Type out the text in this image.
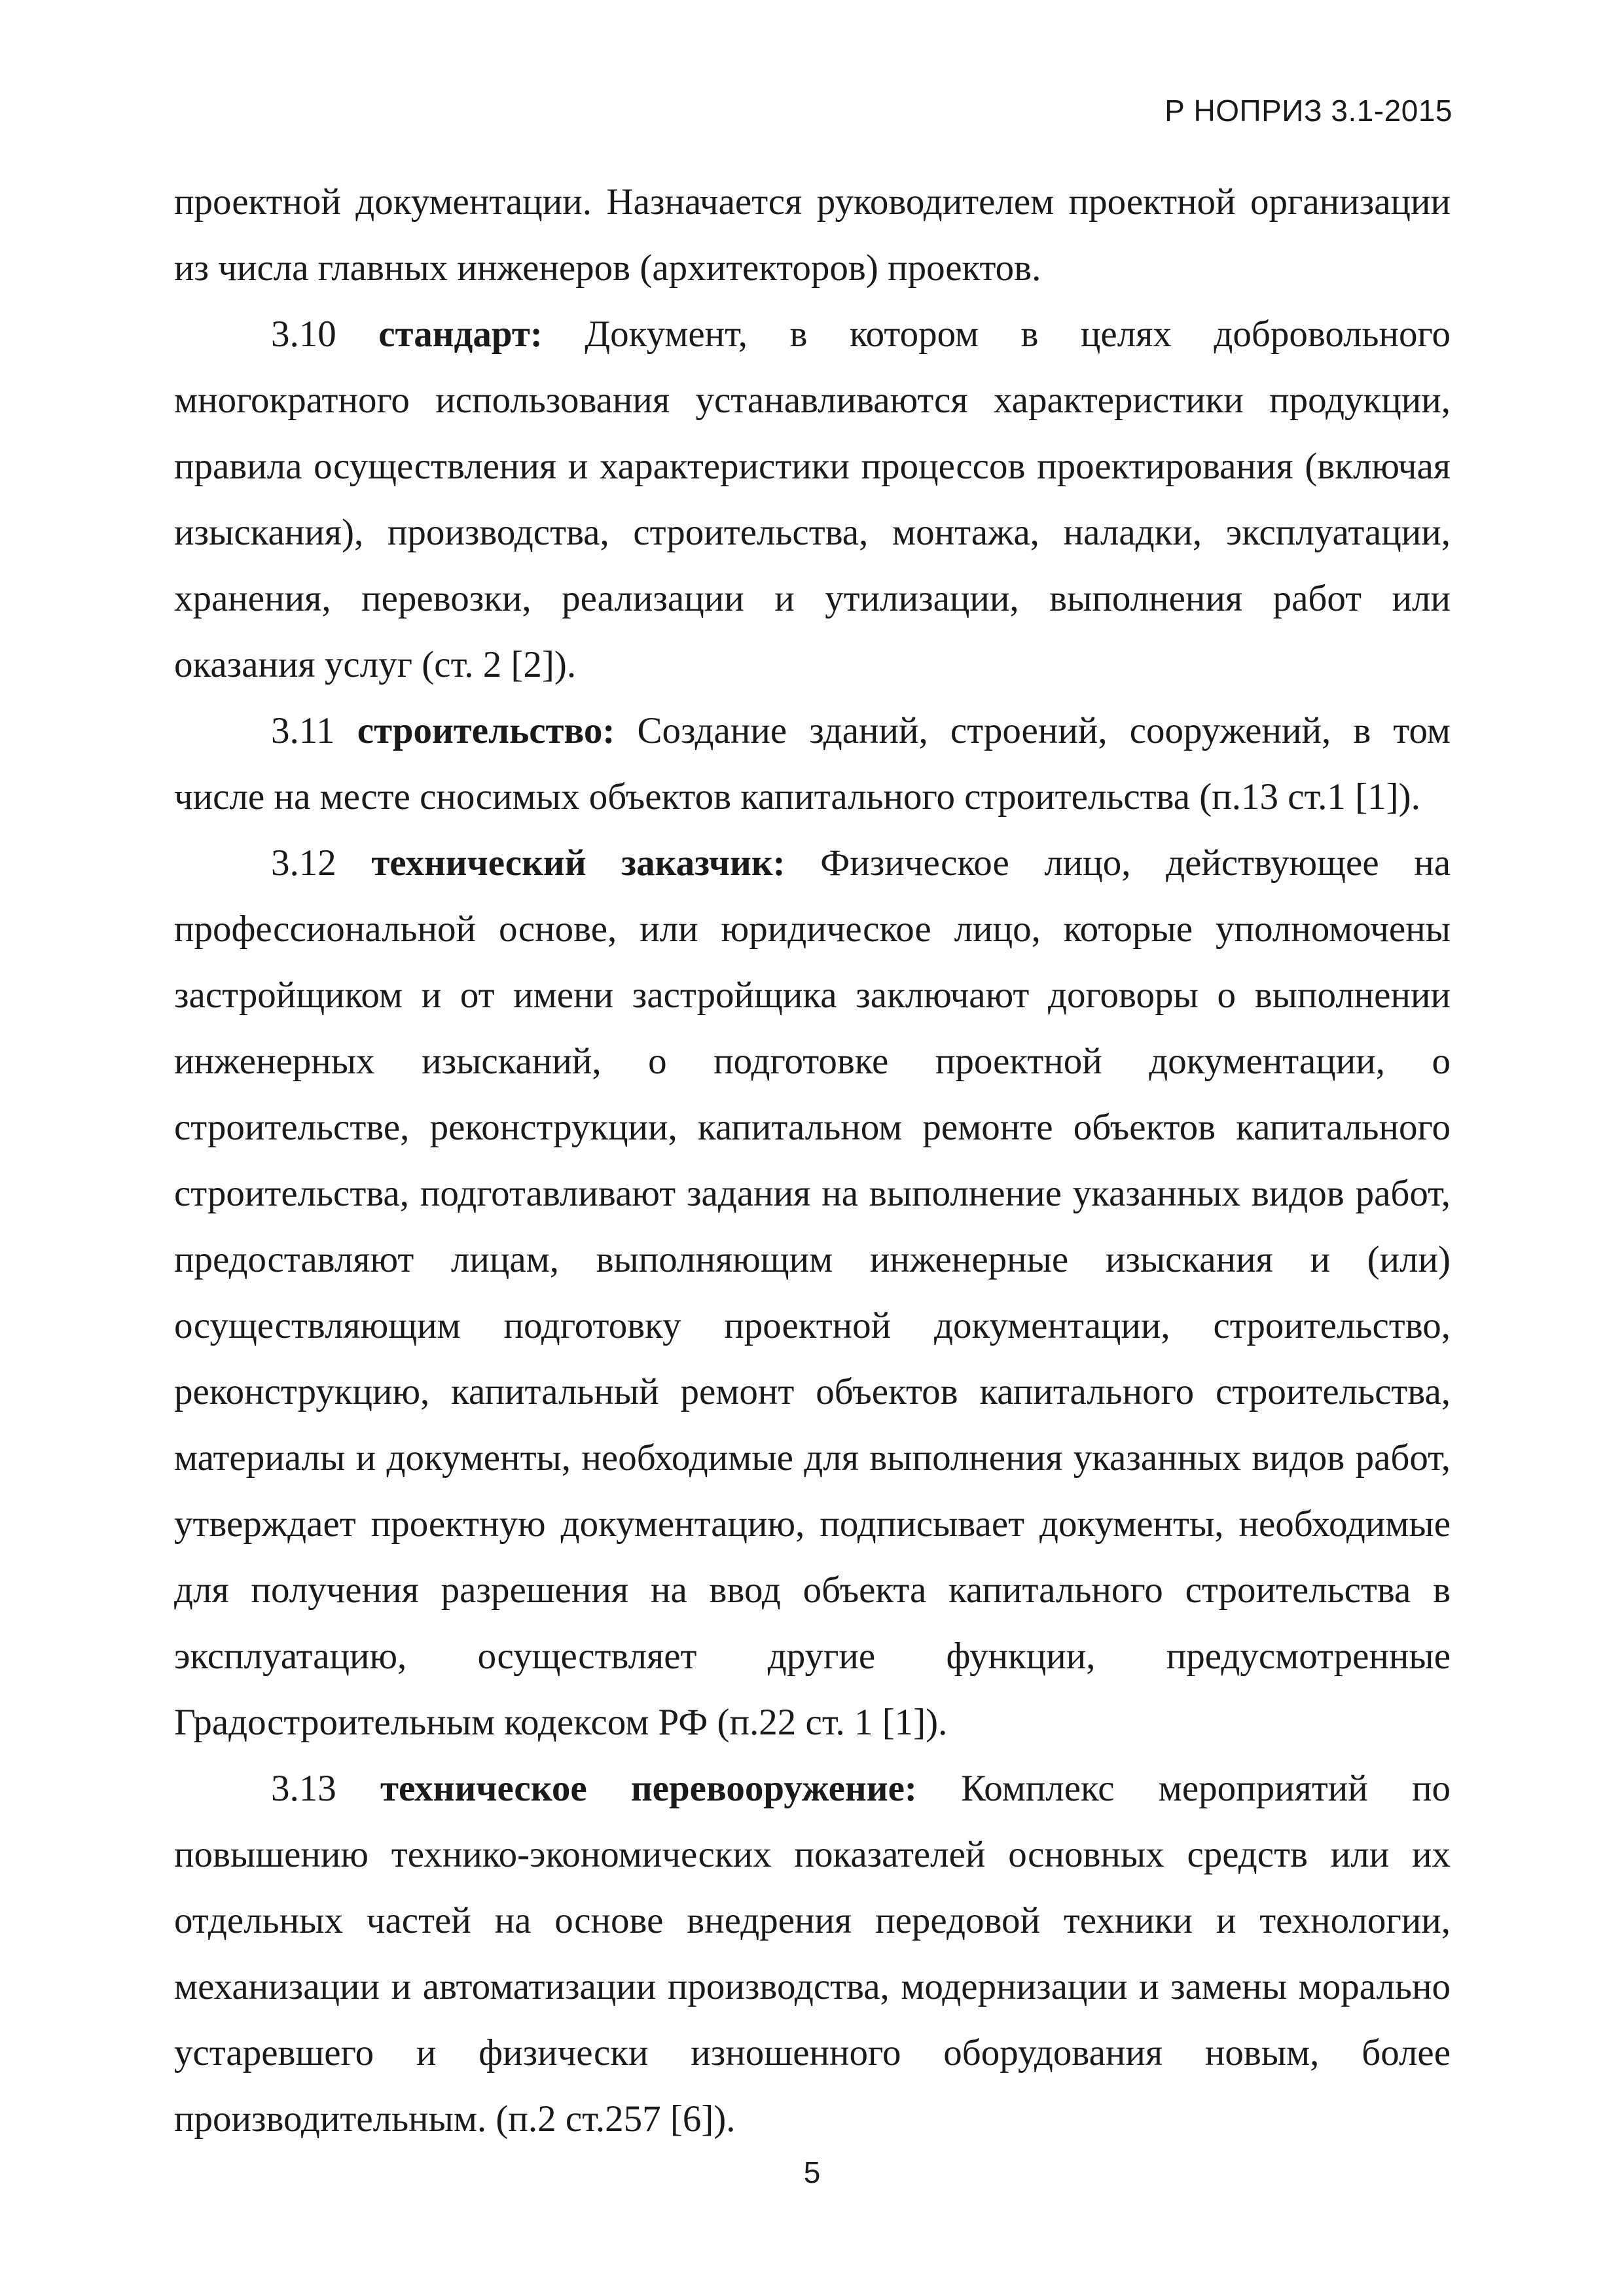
Р НОПРИЗ 3.1-2015

проектной документации. Назначается руководителем проектной организации из числа главных инженеров (архитекторов) проектов.

3.10 стандарт: Документ, в котором в целях добровольного многократного использования устанавливаются характеристики продукции, правила осуществления и характеристики процессов проектирования (включая изыскания), производства, строительства, монтажа, наладки, эксплуатации, хранения, перевозки, реализации и утилизации, выполнения работ или оказания услуг (ст. 2 [2]).

3.11 строительство: Создание зданий, строений, сооружений, в том числе на месте сносимых объектов капитального строительства (п.13 ст.1 [1]).

3.12 технический заказчик: Физическое лицо, действующее на профессиональной основе, или юридическое лицо, которые уполномочены застройщиком и от имени застройщика заключают договоры о выполнении инженерных изысканий, о подготовке проектной документации, о строительстве, реконструкции, капитальном ремонте объектов капитального строительства, подготавливают задания на выполнение указанных видов работ, предоставляют лицам, выполняющим инженерные изыскания и (или) осуществляющим подготовку проектной документации, строительство, реконструкцию, капитальный ремонт объектов капитального строительства, материалы и документы, необходимые для выполнения указанных видов работ, утверждает проектную документацию, подписывает документы, необходимые для получения разрешения на ввод объекта капитального строительства в эксплуатацию, осуществляет другие функции, предусмотренные Градостроительным кодексом РФ (п.22 ст. 1 [1]).

3.13 техническое перевооружение: Комплекс мероприятий по повышению технико-экономических показателей основных средств или их отдельных частей на основе внедрения передовой техники и технологии, механизации и автоматизации производства, модернизации и замены морально устаревшего и физически изношенного оборудования новым, более производительным. (п.2 ст.257 [6]).

5
